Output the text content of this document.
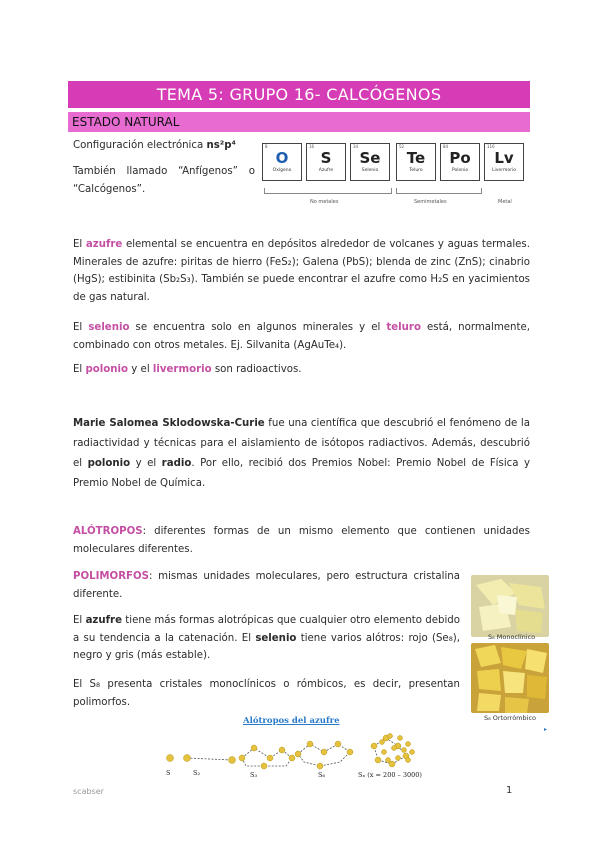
TEMA 5: GRUPO 16- CALCÓGENOS
ESTADO NATURAL
Configuración electrónica ns²p⁴
También llamado “Anfígenos” o “Calcógenos”.
8
O
Oxígeno
16
S
Azufre
34
Se
Selenio
52
Te
Teluro
84
Po
Polonio
116
Lv
Livermorio
No metales	Semimetales	Metal
El azufre elemental se encuentra en depósitos alrededor de volcanes y aguas termales. Minerales de azufre: piritas de hierro (FeS₂); Galena (PbS); blenda de zinc (ZnS); cinabrio (HgS); estibinita (Sb₂S₃). También se puede encontrar el azufre como H₂S en yacimientos de gas natural.
El selenio se encuentra solo en algunos minerales y el teluro está, normalmente, combinado con otros metales. Ej. Silvanita (AgAuTe₄).
El polonio y el livermorio son radioactivos.
Marie Salomea Sklodowska-Curie fue una científica que descubrió el fenómeno de la radiactividad y técnicas para el aislamiento de isótopos radiactivos. Además, descubrió el polonio y el radio. Por ello, recibió dos Premios Nobel: Premio Nobel de Física y Premio Nobel de Química.
ALÓTROPOS: diferentes formas de un mismo elemento que contienen unidades moleculares diferentes.
POLIMORFOS: mismas unidades moleculares, pero estructura cristalina diferente.
El azufre tiene más formas alotrópicas que cualquier otro elemento debido a su tendencia a la catenación. El selenio tiene varios alótros: rojo (Se₈), negro y gris (más estable).
El S₈ presenta cristales monoclínicos o rómbicos, es decir, presentan polimorfos.
S₈ Monoclínico
S₈ Ortorrómbico
▸
Alótropos del azufre
S	S₂	S₃	S₆	Sₓ (x = 200 – 3000)
scabser	1
